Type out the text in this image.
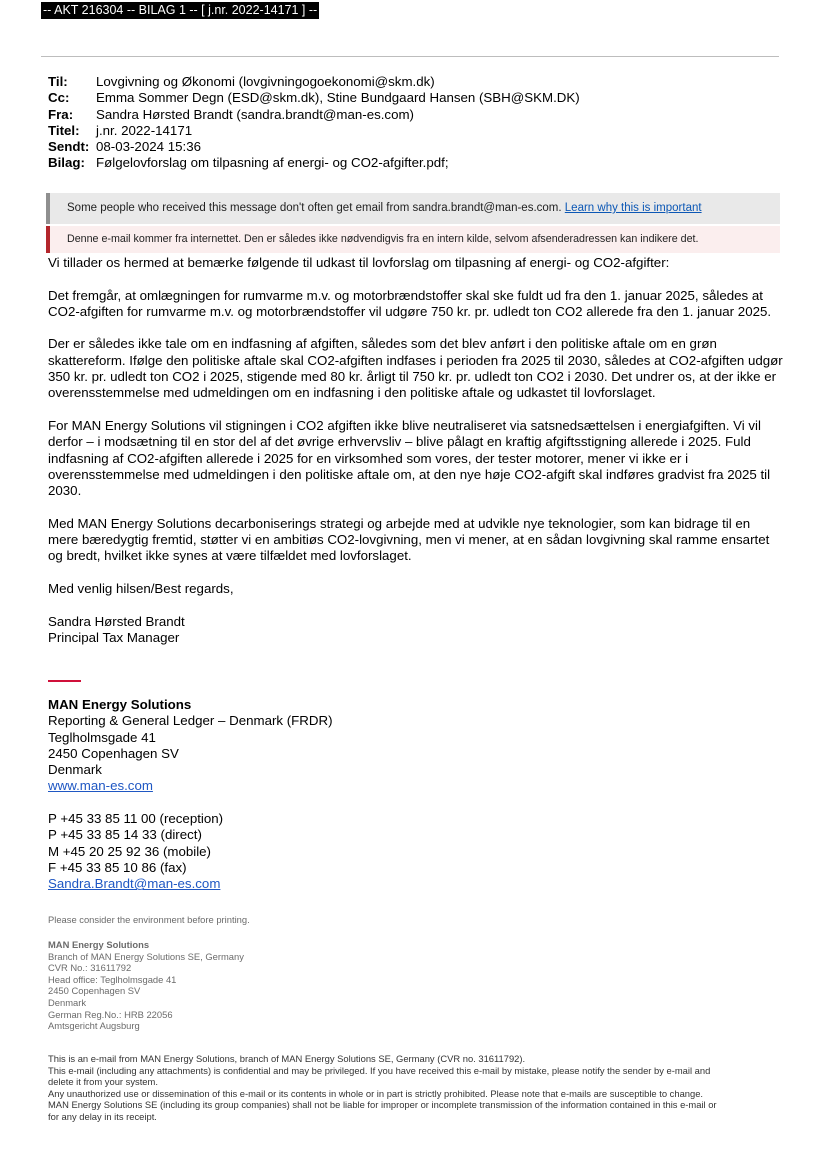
-- AKT 216304 -- BILAG 1 -- [ j.nr. 2022-14171 ] --
Til:	Lovgivning og Økonomi (lovgivningogoekonomi@skm.dk)
Cc:	Emma Sommer Degn (ESD@skm.dk), Stine Bundgaard Hansen (SBH@SKM.DK)
Fra:	Sandra Hørsted Brandt (sandra.brandt@man-es.com)
Titel:	j.nr. 2022-14171
Sendt: 08-03-2024 15:36
Bilag: Følgelovforslag om tilpasning af energi- og CO2-afgifter.pdf;
Some people who received this message don't often get email from sandra.brandt@man-es.com. Learn why this is important
Denne e-mail kommer fra internettet. Den er således ikke nødvendigvis fra en intern kilde, selvom afsenderadressen kan indikere det.

Vi tillader os hermed at bemærke følgende til udkast til lovforslag om tilpasning af energi- og CO2-afgifter:

Det fremgår, at omlægningen for rumvarme m.v. og motorbrændstoffer skal ske fuldt ud fra den 1. januar 2025, således at CO2-afgiften for rumvarme m.v. og motorbrændstoffer vil udgøre 750 kr. pr. udledt ton CO2 allerede fra den 1. januar 2025.

Der er således ikke tale om en indfasning af afgiften, således som det blev anført i den politiske aftale om en grøn skattereform. Ifølge den politiske aftale skal CO2-afgiften indfases i perioden fra 2025 til 2030, således at CO2-afgiften udgør 350 kr. pr. udledt ton CO2 i 2025, stigende med 80 kr. årligt til 750 kr. pr. udledt ton CO2 i 2030. Det undrer os, at der ikke er overensstemmelse med udmeldingen om en indfasning i den politiske aftale og udkastet til lovforslaget.

For MAN Energy Solutions vil stigningen i CO2 afgiften ikke blive neutraliseret via satsnedsættelsen i energiafgiften. Vi vil derfor – i modsætning til en stor del af det øvrige erhvervsliv – blive pålagt en kraftig afgiftsstigning allerede i 2025. Fuld indfasning af CO2-afgiften allerede i 2025 for en virksomhed som vores, der tester motorer, mener vi ikke er i overensstemmelse med udmeldingen i den politiske aftale om, at den nye høje CO2-afgift skal indføres gradvist fra 2025 til 2030.

Med MAN Energy Solutions decarboniserings strategi og arbejde med at udvikle nye teknologier, som kan bidrage til en mere bæredygtig fremtid, støtter vi en ambitiøs CO2-lovgivning, men vi mener, at en sådan lovgivning skal ramme ensartet og bredt, hvilket ikke synes at være tilfældet med lovforslaget.

Med venlig hilsen/Best regards,

Sandra Hørsted Brandt
Principal Tax Manager
MAN Energy Solutions
Reporting & General Ledger – Denmark (FRDR)
Teglholmsgade 41
2450 Copenhagen SV
Denmark
www.man-es.com
P +45 33 85 11 00 (reception)
P +45 33 85 14 33 (direct)
M +45 20 25 92 36 (mobile)
F +45 33 85 10 86 (fax)
Sandra.Brandt@man-es.com
Please consider the environment before printing.
MAN Energy Solutions
Branch of MAN Energy Solutions SE, Germany
CVR No.: 31611792
Head office: Teglholmsgade 41
2450 Copenhagen SV
Denmark
German Reg.No.: HRB 22056
Amtsgericht Augsburg
This is an e-mail from MAN Energy Solutions, branch of MAN Energy Solutions SE, Germany (CVR no. 31611792).
This e-mail (including any attachments) is confidential and may be privileged. If you have received this e-mail by mistake, please notify the sender by e-mail and
delete it from your system.
Any unauthorized use or dissemination of this e-mail or its contents in whole or in part is strictly prohibited. Please note that e-mails are susceptible to change.
MAN Energy Solutions SE (including its group companies) shall not be liable for improper or incomplete transmission of the information contained in this e-mail or
for any delay in its receipt.
